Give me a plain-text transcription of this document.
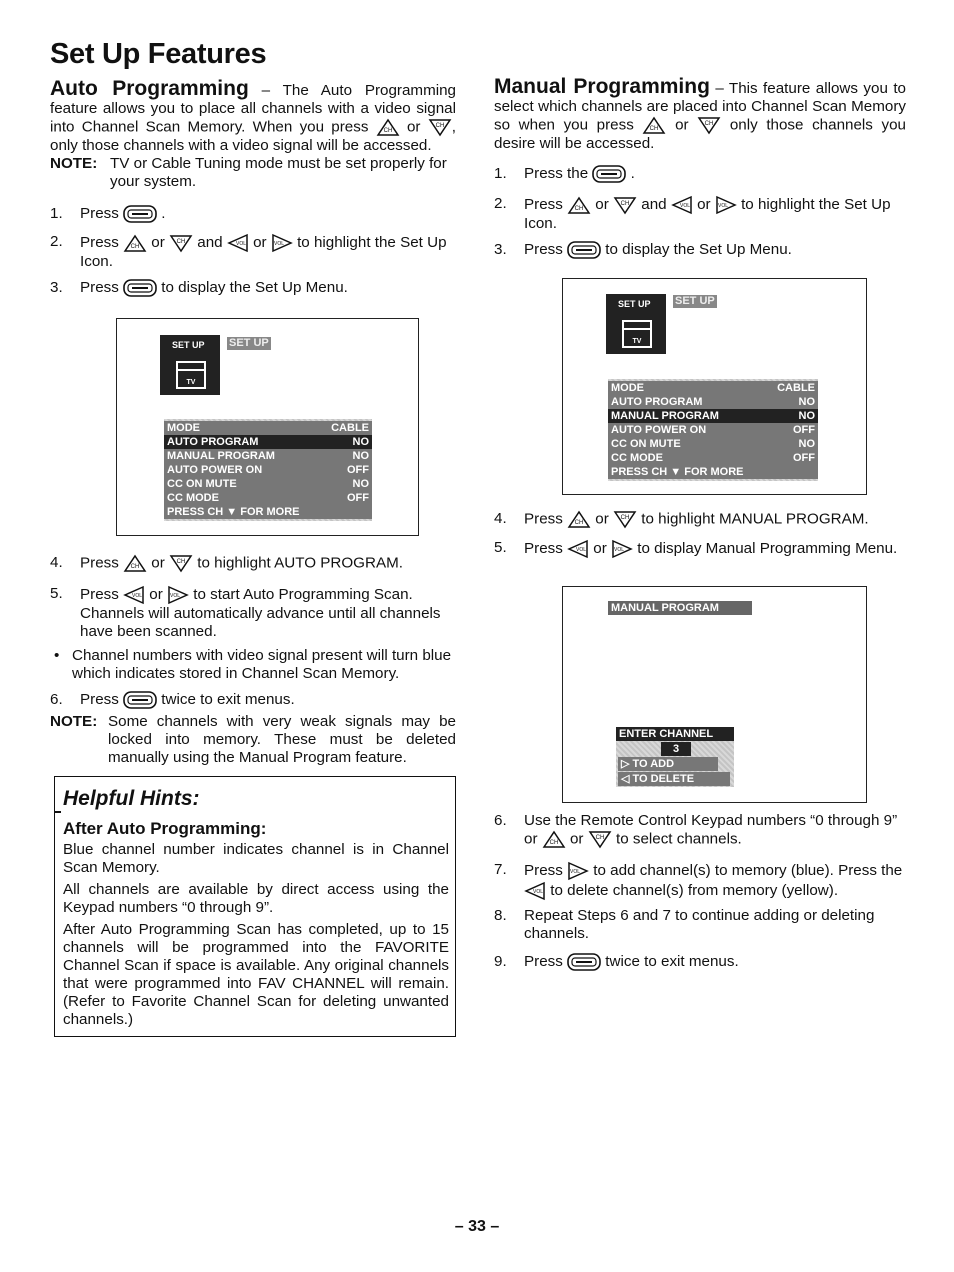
Set Up Features
Auto Programming – The Auto Programming feature allows you to place all channels with a video signal into Channel Scan Memory. When you press	or , only those channels with a video signal will be accessed.
NOTE: TV or Cable Tuning mode must be set properly for your system.
1.	Press	.
2.	Press or and or to highlight the Set Up Icon.
3.	Press	to display the Set Up Menu.
SET UP
TV
SET UP
MODE	CABLE
AUTO PROGRAM	NO
MANUAL PROGRAM	NO
AUTO POWER ON	OFF
CC ON MUTE	NO
CC MODE	OFF
PRESS CH ▼ FOR MORE
4.	Press or to highlight AUTO PROGRAM.
5.	Press or to start Auto Programming Scan. Channels will automatically advance until all channels have been scanned.
• Channel numbers with video signal present will turn blue which indicates stored in Channel Scan Memory.
6.	Press	twice to exit menus.
NOTE: Some channels with very weak signals may be locked into memory. These must be deleted manually using the Manual Program feature.
Helpful Hints:
After Auto Programming:

Blue channel number indicates channel is in Channel Scan Memory.

All channels are available by direct access using the Keypad numbers “0 through 9”.

After Auto Programming Scan has completed, up to 15 channels will be programmed into the FAVORITE Channel Scan if space is available. Any original channels that were programmed into FAV CHANNEL will remain. (Refer to Favorite Channel Scan for deleting unwanted channels.)

Manual Programming – This feature allows you to select which channels are placed into Channel Scan Memory so when you press	or	only those channels you desire will be accessed.
1.	Press the	.
2.	Press or and or to highlight the Set Up Icon.
3.	Press	to display the Set Up Menu.
SET UP
TV
SET UP
MODE	CABLE
AUTO PROGRAM	NO
MANUAL PROGRAM	NO
AUTO POWER ON	OFF
CC ON MUTE	NO
CC MODE	OFF
PRESS CH ▼ FOR MORE
4.	Press or to highlight MANUAL PROGRAM.
5.	Press or to display Manual Programming Menu.
MANUAL PROGRAM
ENTER CHANNEL
3
▷ TO ADD
◁ TO DELETE
6.	Use the Remote Control Keypad numbers “0 through 9” or or to select channels.
7.	Press to add channel(s) to memory (blue). Press the  to delete channel(s) from memory (yellow).
8.	Repeat Steps 6 and 7 to continue adding or deleting channels.
9.	Press	twice to exit menus.
– 33 –
